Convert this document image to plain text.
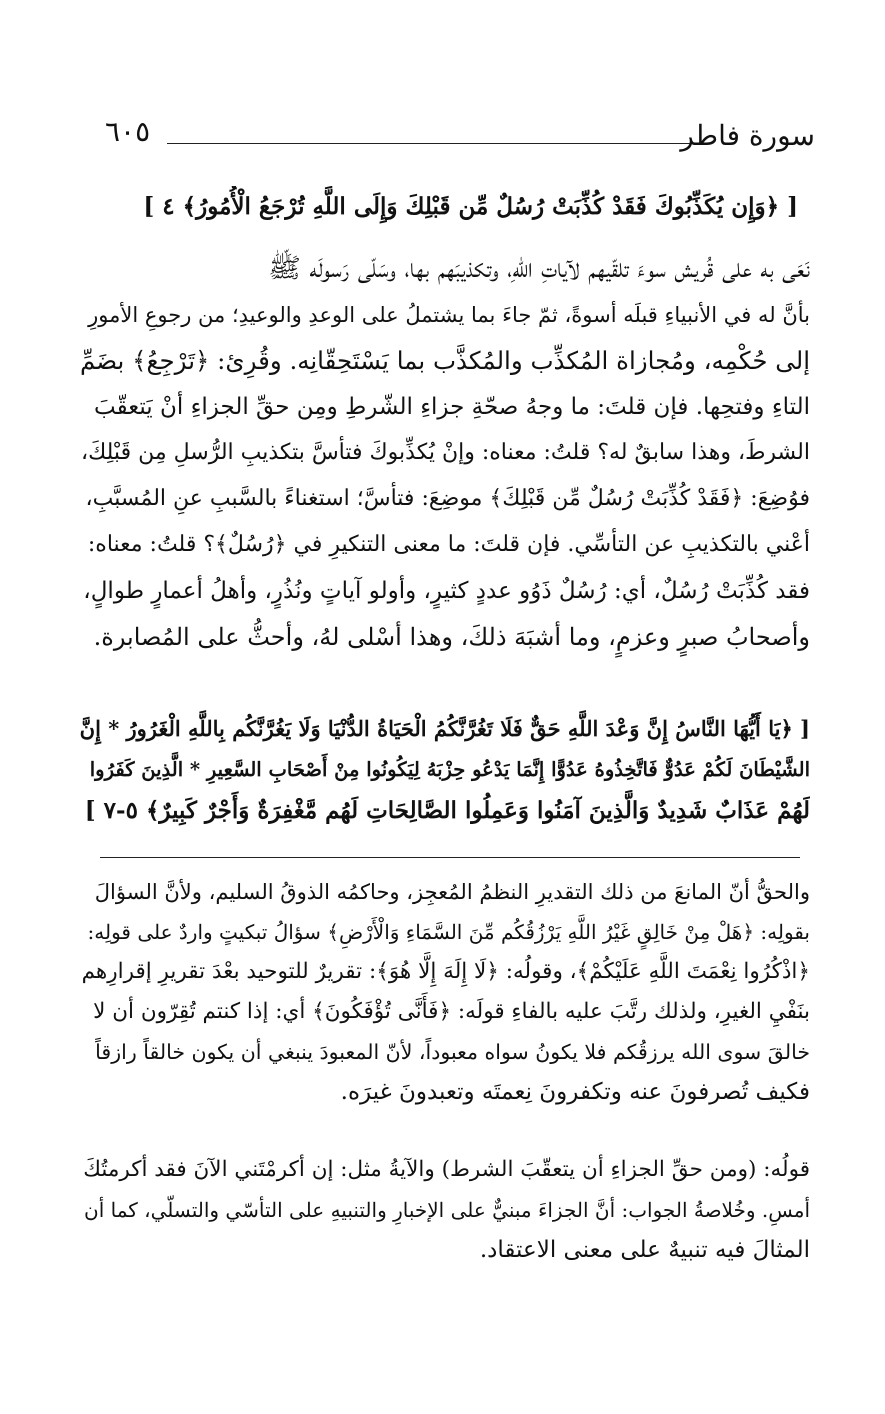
٦٠٥	سورة فاطر
[ ﴿وَإِن يُكَذِّبُوكَ فَقَدْ كُذِّبَتْ رُسُلٌ مِّن قَبْلِكَ وَإِلَى اللَّهِ تُرْجَعُ الْأُمُورُ﴾ ٤ ]
نَعَى به على قُريش سوءَ تلقّيهم لآياتِ اللّهِ، وتكذيبَهم بها، وسَلّى رَسولَه ﷺ
بأنَّ له في الأنبياءِ قبلَه أسوةً، ثمّ جاءَ بما يشتملُ على الوعدِ والوعيدِ؛ من رجوعِ الأمورِ
إلى حُكْمِه، ومُجازاة المُكذِّب والمُكذَّب بما يَسْتَحِقّانِه. وقُرِئ: ﴿تَرْجِعُ﴾ بضَمِّ
التاءِ وفتحِها. فإن قلتَ: ما وجهُ صحّةِ جزاءِ الشّرطِ ومِن حقِّ الجزاءِ أنْ يَتعقّبَ
الشرطَ، وهذا سابقٌ له؟ قلتُ: معناه: وإنْ يُكذِّبوكَ فتأسَّ بتكذيبِ الرُّسلِ مِن قَبْلِكَ،
فوُضِعَ: ﴿فَقَدْ كُذِّبَتْ رُسُلٌ مِّن قَبْلِكَ﴾ موضِعَ: فتأسَّ؛ استغناءً بالسَّببِ عنِ المُسبَّبِ،
أعْني بالتكذيبِ عن التأسِّي. فإن قلتَ: ما معنى التنكيرِ في ﴿رُسُلٌ﴾؟ قلتُ: معناه:
فقد كُذِّبَتْ رُسُلٌ، أي: رُسُلٌ ذَوُو عددٍ كثيرٍ، وأولو آياتٍ ونُذُرٍ، وأهلُ أعمارٍ طوالٍ،
وأصحابُ صبرٍ وعزمٍ، وما أشبَهَ ذلكَ، وهذا أسْلى لهُ، وأحثُّ على المُصابرة.
[ ﴿يَا أَيُّهَا النَّاسُ إِنَّ وَعْدَ اللَّهِ حَقٌّ فَلَا تَغُرَّنَّكُمُ الْحَيَاةُ الدُّنْيَا وَلَا يَغُرَّنَّكُم بِاللَّهِ الْغَرُورُ * إِنَّ
الشَّيْطَانَ لَكُمْ عَدُوٌّ فَاتَّخِذُوهُ عَدُوًّا إِنَّمَا يَدْعُو حِزْبَهُ لِيَكُونُوا مِنْ أَصْحَابِ السَّعِيرِ * الَّذِينَ كَفَرُوا
لَهُمْ عَذَابٌ شَدِيدٌ وَالَّذِينَ آمَنُوا وَعَمِلُوا الصَّالِحَاتِ لَهُم مَّغْفِرَةٌ وَأَجْرٌ كَبِيرٌ﴾ ٥-٧ ]
والحقُّ أنّ المانعَ من ذلك التقديرِ النظمُ المُعجِز، وحاكمُه الذوقُ السليم، ولأنَّ السؤالَ
بقولِه: ﴿هَلْ مِنْ خَالِقٍ غَيْرُ اللَّهِ يَرْزُقُكُم مِّنَ السَّمَاءِ وَالْأَرْضِ﴾ سؤالُ تبكيتٍ واردٌ على قولِه:
﴿اذْكُرُوا نِعْمَتَ اللَّهِ عَلَيْكُمْ﴾، وقولُه: ﴿لَا إِلَهَ إِلَّا هُوَ﴾: تقريرٌ للتوحيد بعْدَ تقريرِ إقرارِهم
بنَفْيِ الغيرِ، ولذلك رتَّبَ عليه بالفاءِ قولَه: ﴿فَأَنَّى تُؤْفَكُونَ﴾ أي: إذا كنتم تُقِرّون أن لا
خالقَ سوى الله يرزقُكم فلا يكونُ سواه معبوداً، لأنّ المعبودَ ينبغي أن يكون خالقاً رازقاً
فكيف تُصرفونَ عنه وتكفرونَ نِعمتَه وتعبدونَ غيرَه.
قولُه: (ومن حقِّ الجزاءِ أن يتعقّبَ الشرط) والآيةُ مثل: إن أكرمْتَني الآنَ فقد أكرمتُكَ
أمسِ. وخُلاصةُ الجواب: أنَّ الجزاءَ مبنيٌّ على الإخبارِ والتنبيهِ على التأسّي والتسلّي، كما أن
المثالَ فيه تنبيهٌ على معنى الاعتقاد.
